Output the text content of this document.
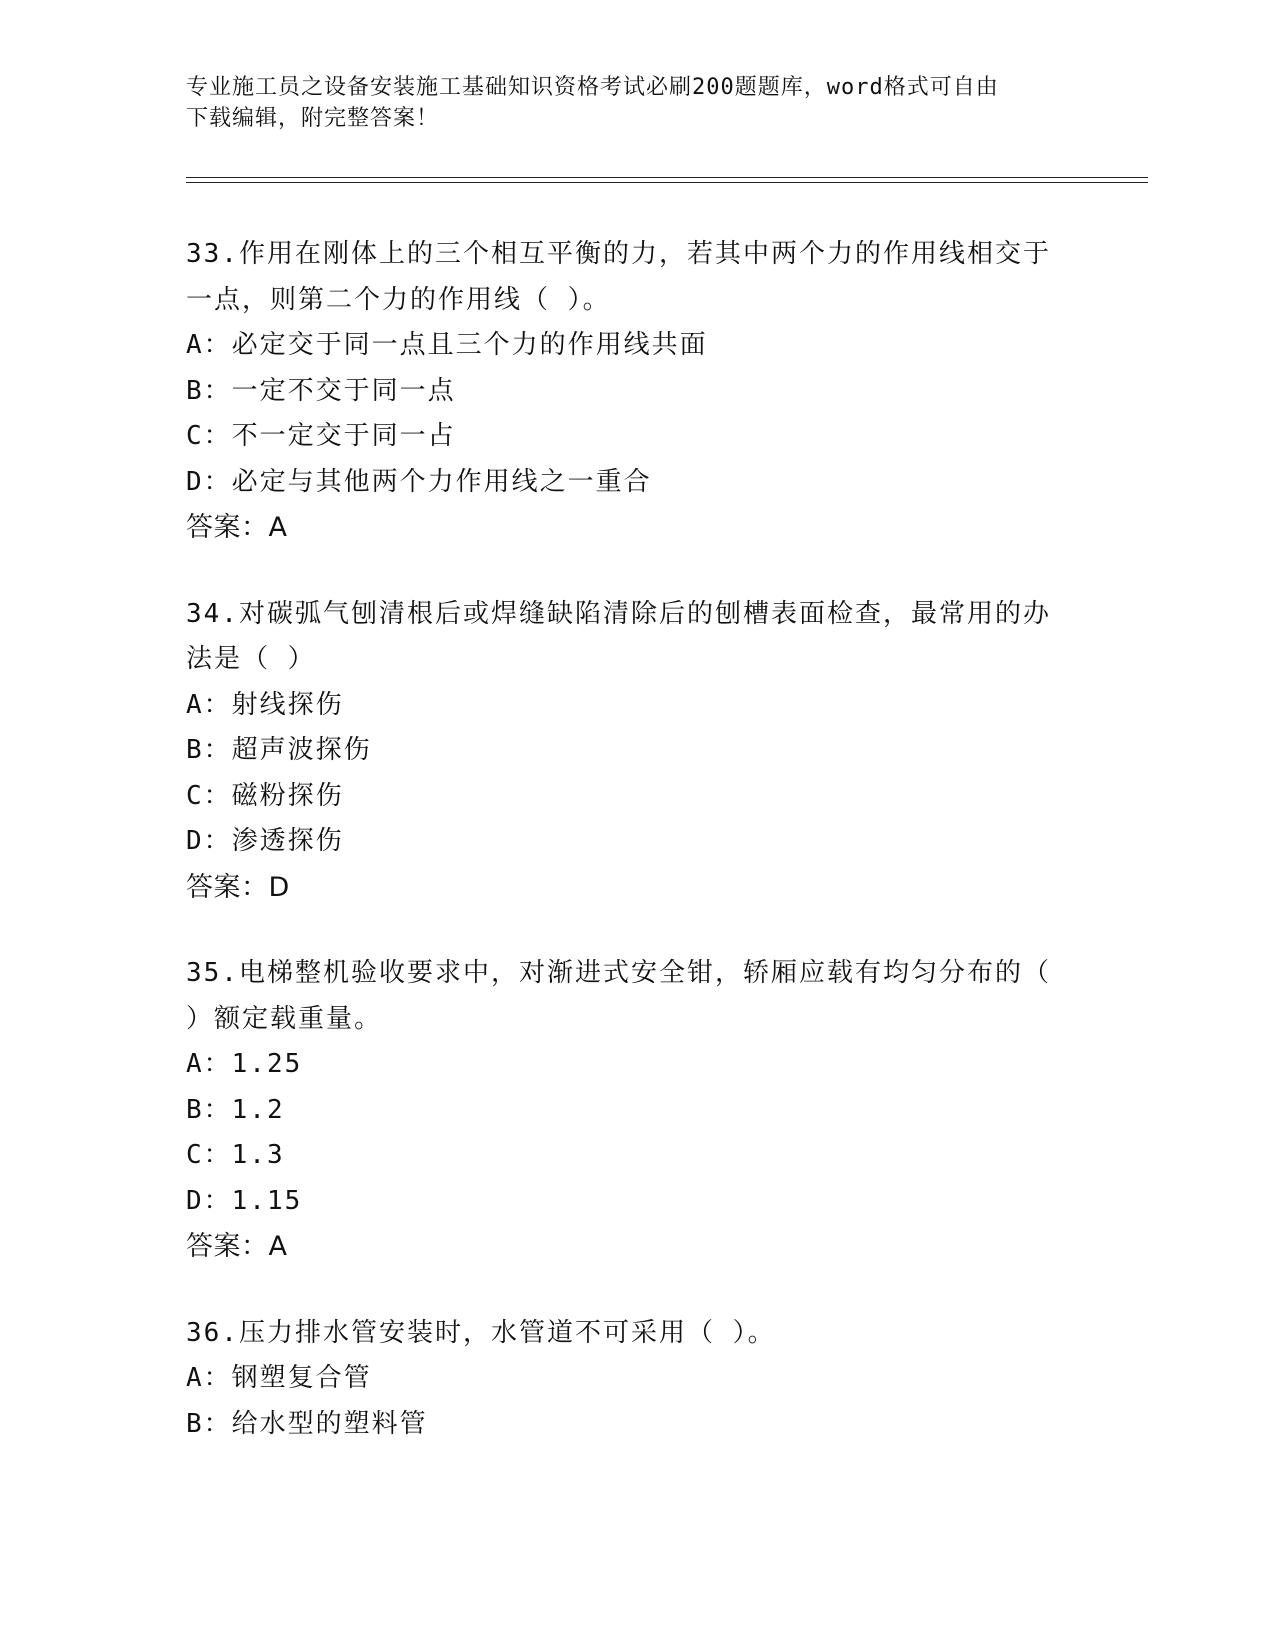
专业施工员之设备安装施工基础知识资格考试必刷200题题库，word格式可自由
下载编辑，附完整答案！
33.作用在刚体上的三个相互平衡的力，若其中两个力的作用线相交于
一点，则第二个力的作用线（ ）。
A：必定交于同一点且三个力的作用线共面
B：一定不交于同一点
C：不一定交于同一占
D：必定与其他两个力作用线之一重合
答案：A
34.对碳弧气刨清根后或焊缝缺陷清除后的刨槽表面检查，最常用的办
法是（ ）
A：射线探伤
B：超声波探伤
C：磁粉探伤
D：渗透探伤
答案：D
35.电梯整机验收要求中，对渐进式安全钳，轿厢应载有均匀分布的（
）额定载重量。
A：1.25
B：1.2
C：1.3
D：1.15
答案：A
36.压力排水管安装时，水管道不可采用（ ）。
A：钢塑复合管
B：给水型的塑料管
